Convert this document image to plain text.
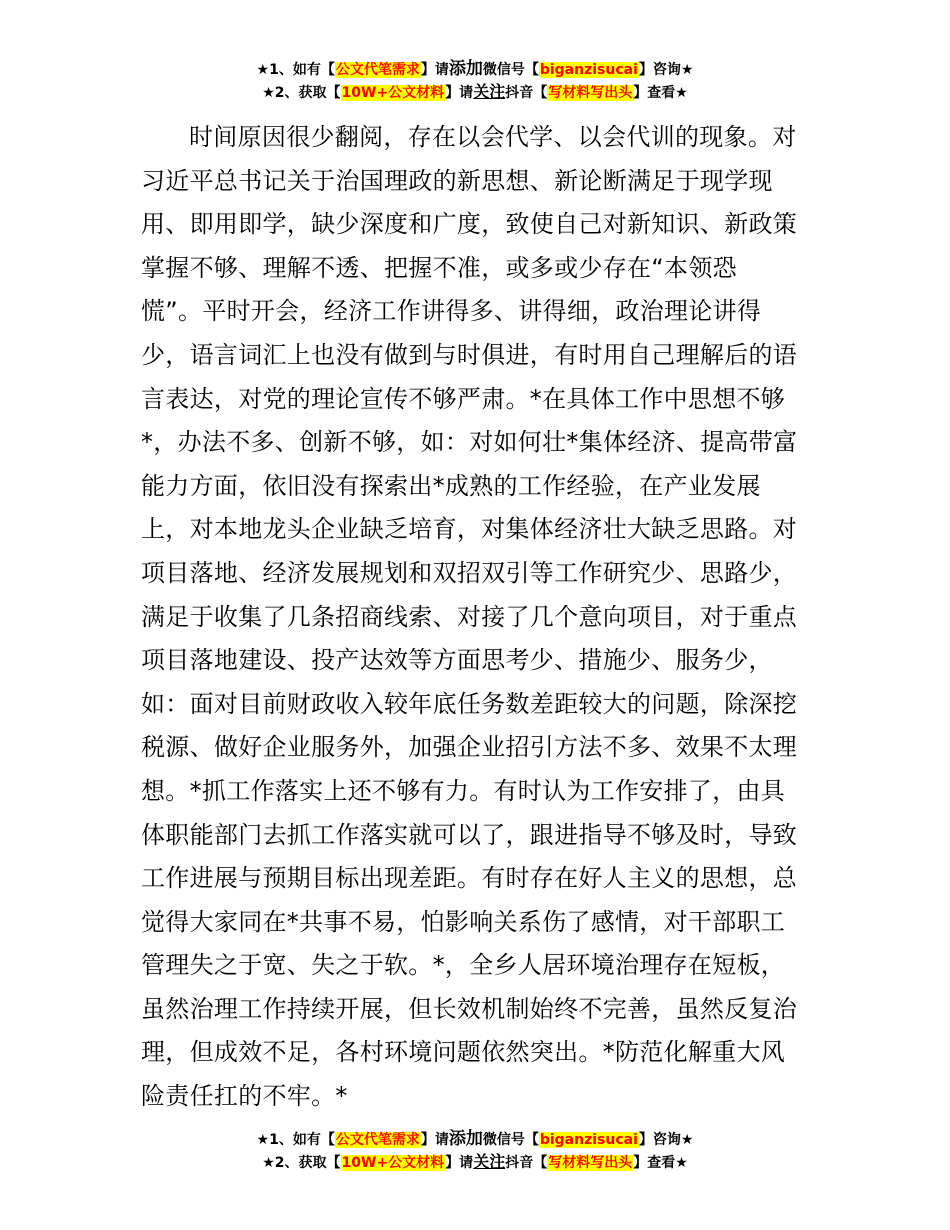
★1、如有【公文代笔需求】请添加微信号【biganzisucai】咨询★
★2、获取【10W+公文材料】请关注抖音【写材料写出头】查看★
时间原因很少翻阅，存在以会代学、以会代训的现象。对
习近平总书记关于治国理政的新思想、新论断满足于现学现
用、即用即学，缺少深度和广度，致使自己对新知识、新政策
掌握不够、理解不透、把握不准，或多或少存在“本领恐
慌”。平时开会，经济工作讲得多、讲得细，政治理论讲得
少，语言词汇上也没有做到与时俱进，有时用自己理解后的语
言表达，对党的理论宣传不够严肃。*在具体工作中思想不够
*，办法不多、创新不够，如：对如何壮*集体经济、提高带富
能力方面，依旧没有探索出*成熟的工作经验，在产业发展
上，对本地龙头企业缺乏培育，对集体经济壮大缺乏思路。对
项目落地、经济发展规划和双招双引等工作研究少、思路少，
满足于收集了几条招商线索、对接了几个意向项目，对于重点
项目落地建设、投产达效等方面思考少、措施少、服务少，
如：面对目前财政收入较年底任务数差距较大的问题，除深挖
税源、做好企业服务外，加强企业招引方法不多、效果不太理
想。*抓工作落实上还不够有力。有时认为工作安排了，由具
体职能部门去抓工作落实就可以了，跟进指导不够及时，导致
工作进展与预期目标出现差距。有时存在好人主义的思想，总
觉得大家同在*共事不易，怕影响关系伤了感情，对干部职工
管理失之于宽、失之于软。*，全乡人居环境治理存在短板，
虽然治理工作持续开展，但长效机制始终不完善，虽然反复治
理，但成效不足，各村环境问题依然突出。*防范化解重大风
险责任扛的不牢。*
★1、如有【公文代笔需求】请添加微信号【biganzisucai】咨询★
★2、获取【10W+公文材料】请关注抖音【写材料写出头】查看★
